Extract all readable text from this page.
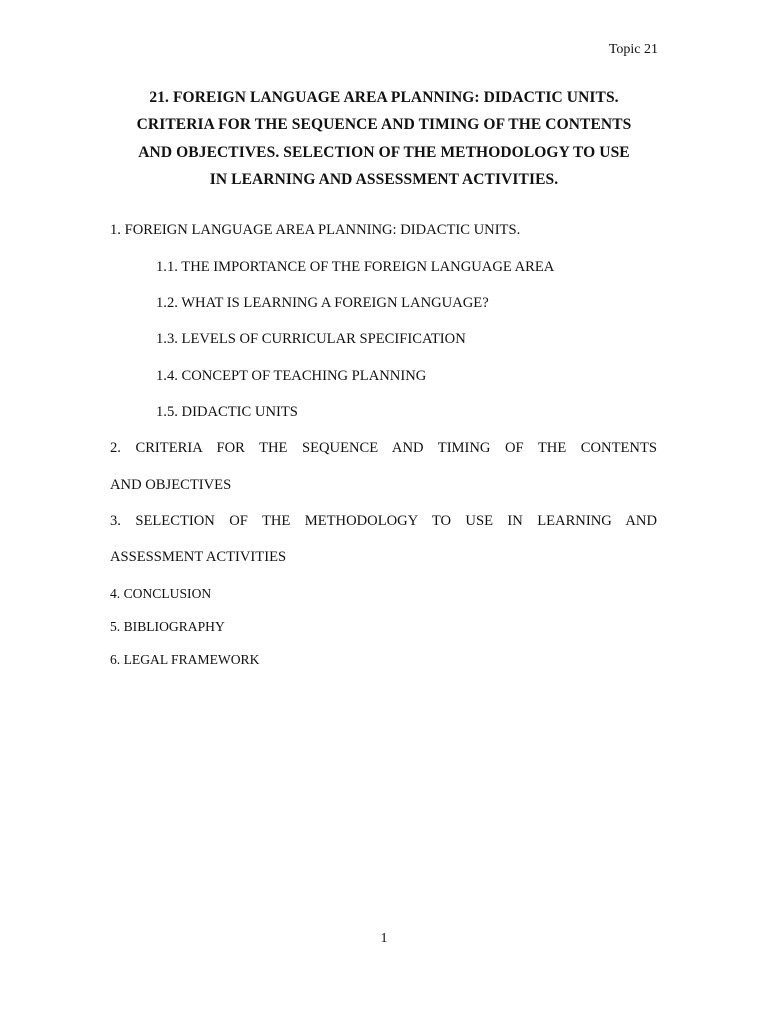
Topic 21
21. FOREIGN LANGUAGE AREA PLANNING: DIDACTIC UNITS.
CRITERIA FOR THE SEQUENCE AND TIMING OF THE CONTENTS
AND OBJECTIVES. SELECTION OF THE METHODOLOGY TO USE
IN LEARNING AND ASSESSMENT ACTIVITIES.
1. FOREIGN LANGUAGE AREA PLANNING: DIDACTIC UNITS.
1.1. THE IMPORTANCE OF THE FOREIGN LANGUAGE AREA
1.2. WHAT IS LEARNING A FOREIGN LANGUAGE?
1.3. LEVELS OF CURRICULAR SPECIFICATION
1.4. CONCEPT OF TEACHING PLANNING
1.5. DIDACTIC UNITS
2. CRITERIA FOR THE SEQUENCE AND TIMING OF THE CONTENTS
AND OBJECTIVES
3. SELECTION OF THE METHODOLOGY TO USE IN LEARNING AND
ASSESSMENT ACTIVITIES
4. CONCLUSION
5. BIBLIOGRAPHY
6. LEGAL FRAMEWORK
1
